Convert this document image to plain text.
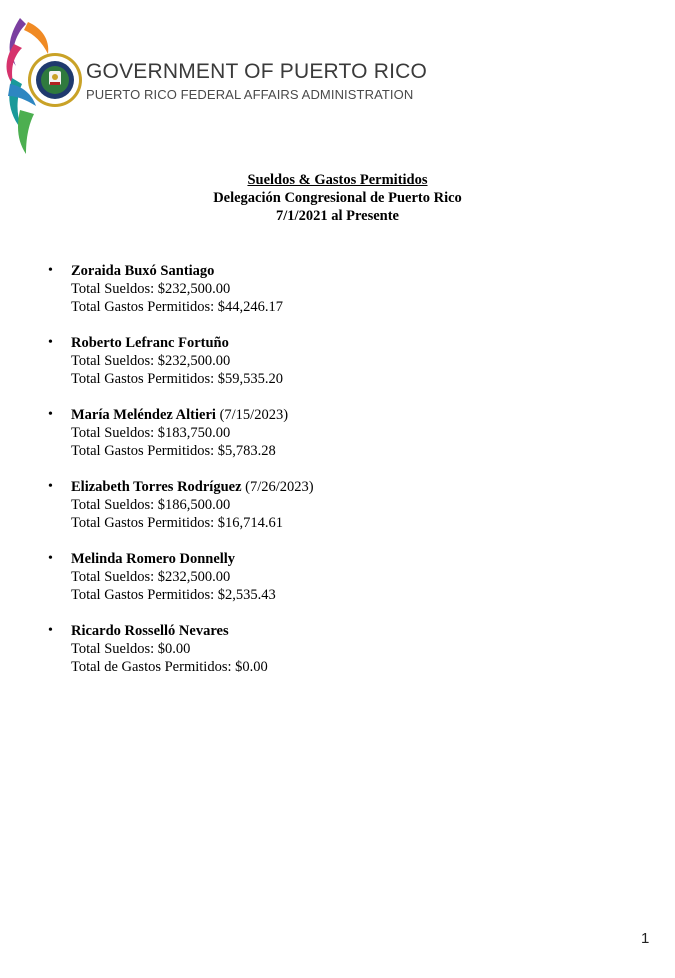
GOVERNMENT OF PUERTO RICO
PUERTO RICO FEDERAL AFFAIRS ADMINISTRATION
Sueldos & Gastos Permitidos
Delegación Congresional de Puerto Rico
7/1/2021 al Presente
• Zoraida Buxó Santiago
Total Sueldos: $232,500.00
Total Gastos Permitidos: $44,246.17
• Roberto Lefranc Fortuño
Total Sueldos: $232,500.00
Total Gastos Permitidos: $59,535.20
• María Meléndez Altieri (7/15/2023)
Total Sueldos: $183,750.00
Total Gastos Permitidos: $5,783.28
• Elizabeth Torres Rodríguez (7/26/2023)
Total Sueldos: $186,500.00
Total Gastos Permitidos: $16,714.61
• Melinda Romero Donnelly
Total Sueldos: $232,500.00
Total Gastos Permitidos: $2,535.43
• Ricardo Rosselló Nevares
Total Sueldos: $0.00
Total de Gastos Permitidos: $0.00
1
